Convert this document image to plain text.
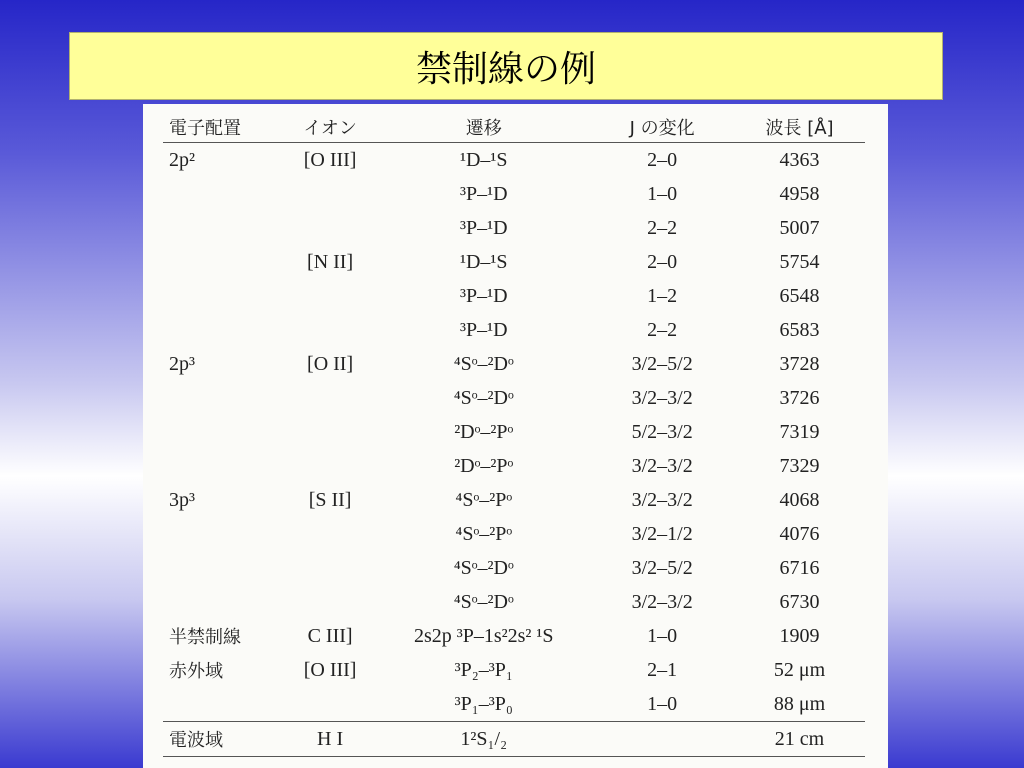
禁制線の例
電子配置	イオン	遷移	J の変化	波長 [Å]
2p²	[O III]	¹D–¹S	2–0	4363
		³P–¹D	1–0	4958
		³P–¹D	2–2	5007
	[N II]	¹D–¹S	2–0	5754
		³P–¹D	1–2	6548
		³P–¹D	2–2	6583
2p³	[O II]	⁴Sᵒ–²Dᵒ	3/2–5/2	3728
		⁴Sᵒ–²Dᵒ	3/2–3/2	3726
		²Dᵒ–²Pᵒ	5/2–3/2	7319
		²Dᵒ–²Pᵒ	3/2–3/2	7329
3p³	[S II]	⁴Sᵒ–²Pᵒ	3/2–3/2	4068
		⁴Sᵒ–²Pᵒ	3/2–1/2	4076
		⁴Sᵒ–²Dᵒ	3/2–5/2	6716
		⁴Sᵒ–²Dᵒ	3/2–3/2	6730
半禁制線	C III]	2s2p ³P–1s²2s² ¹S	1–0	1909
赤外域	[O III]	³P₂–³P₁	2–1	52 μm
		³P₁–³P₀	1–0	88 μm
電波域	H I	1²S₁/₂		21 cm
